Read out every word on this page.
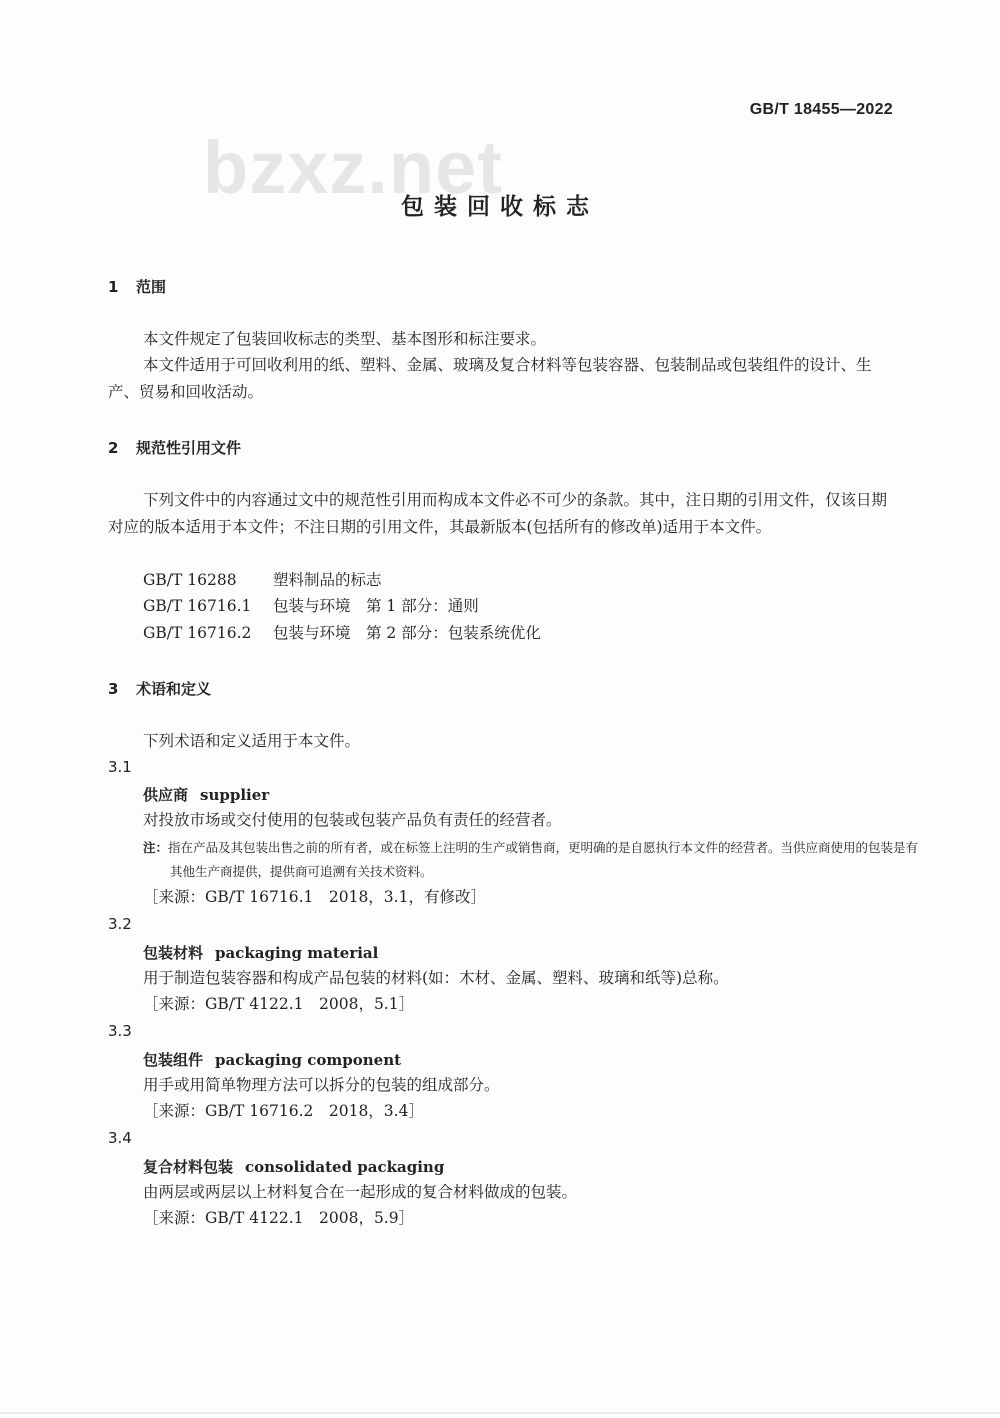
bzxz.net
GB/T 18455—2022
包装回收标志
1 范围
本文件规定了包装回收标志的类型、基本图形和标注要求。
本文件适用于可回收利用的纸、塑料、金属、玻璃及复合材料等包装容器、包装制品或包装组件的设计、生产、贸易和回收活动。
2 规范性引用文件
下列文件中的内容通过文中的规范性引用而构成本文件必不可少的条款。其中，注日期的引用文件，仅该日期对应的版本适用于本文件；不注日期的引用文件，其最新版本(包括所有的修改单)适用于本文件。
GB/T 16288 塑料制品的标志
GB/T 16716.1 包装与环境　第 1 部分：通则
GB/T 16716.2 包装与环境　第 2 部分：包装系统优化
3 术语和定义
下列术语和定义适用于本文件。
3.1
供应商 supplier
对投放市场或交付使用的包装或包装产品负有责任的经营者。
注：指在产品及其包装出售之前的所有者，或在标签上注明的生产或销售商，更明确的是自愿执行本文件的经营者。当供应商使用的包装是有其他生产商提供，提供商可追溯有关技术资料。
［来源：GB/T 16716.1　2018，3.1，有修改］
3.2
包装材料 packaging material
用于制造包装容器和构成产品包装的材料(如：木材、金属、塑料、玻璃和纸等)总称。
［来源：GB/T 4122.1　2008，5.1］
3.3
包装组件 packaging component
用手或用简单物理方法可以拆分的包装的组成部分。
［来源：GB/T 16716.2　2018，3.4］
3.4
复合材料包装 consolidated packaging
由两层或两层以上材料复合在一起形成的复合材料做成的包装。
［来源：GB/T 4122.1　2008，5.9］
